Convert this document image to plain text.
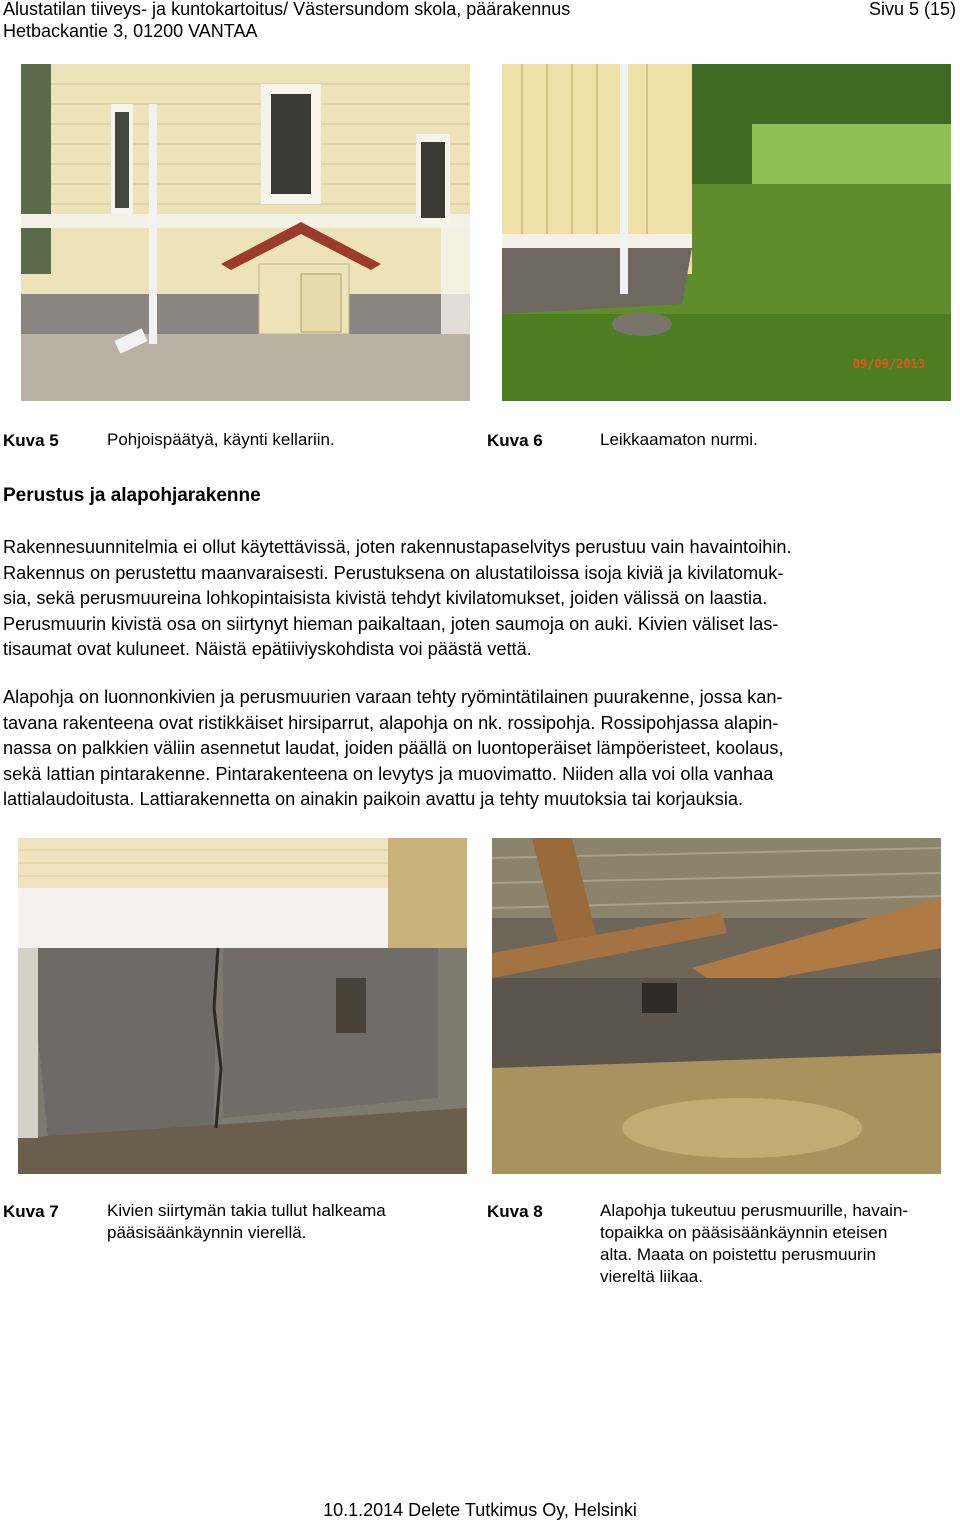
Alustatilan tiiveys- ja kuntokartoitus/ Västersundom skola, päärakennus
Hetbackantie 3, 01200 VANTAA
Sivu 5 (15)
09/09/2013
Kuva 5	Pohjoispäätyä, käynti kellariin.	Kuva 6	Leikkaamaton nurmi.
Perustus ja alapohjarakenne
Rakennesuunnitelmia ei ollut käytettävissä, joten rakennustapaselvitys perustuu vain havaintoihin.
Rakennus on perustettu maanvaraisesti. Perustuksena on alustatiloissa isoja kiviä ja kivilatomuk-
sia, sekä perusmuureina lohkopintaisista kivistä tehdyt kivilatomukset, joiden välissä on laastia.
Perusmuurin kivistä osa on siirtynyt hieman paikaltaan, joten saumoja on auki. Kivien väliset las-
tisaumat ovat kuluneet. Näistä epätiiviyskohdista voi päästä vettä.
Alapohja on luonnonkivien ja perusmuurien varaan tehty ryömintätilainen puurakenne, jossa kan-
tavana rakenteena ovat ristikkäiset hirsiparrut, alapohja on nk. rossipohja. Rossipohjassa alapin-
nassa on palkkien väliin asennetut laudat, joiden päällä on luontoperäiset lämpöeristeet, koolaus,
sekä lattian pintarakenne. Pintarakenteena on levytys ja muovimatto. Niiden alla voi olla vanhaa
lattialaudoitusta. Lattiarakennetta on ainakin paikoin avattu ja tehty muutoksia tai korjauksia.
Kuva 7	Kivien siirtymän takia tullut halkeama
pääsisäänkäynnin vierellä.
Kuva 8	Alapohja tukeutuu perusmuurille, havain-
topaikka on pääsisäänkäynnin eteisen
alta. Maata on poistettu perusmuurin
viereltä liikaa.
10.1.2014 Delete Tutkimus Oy, Helsinki
